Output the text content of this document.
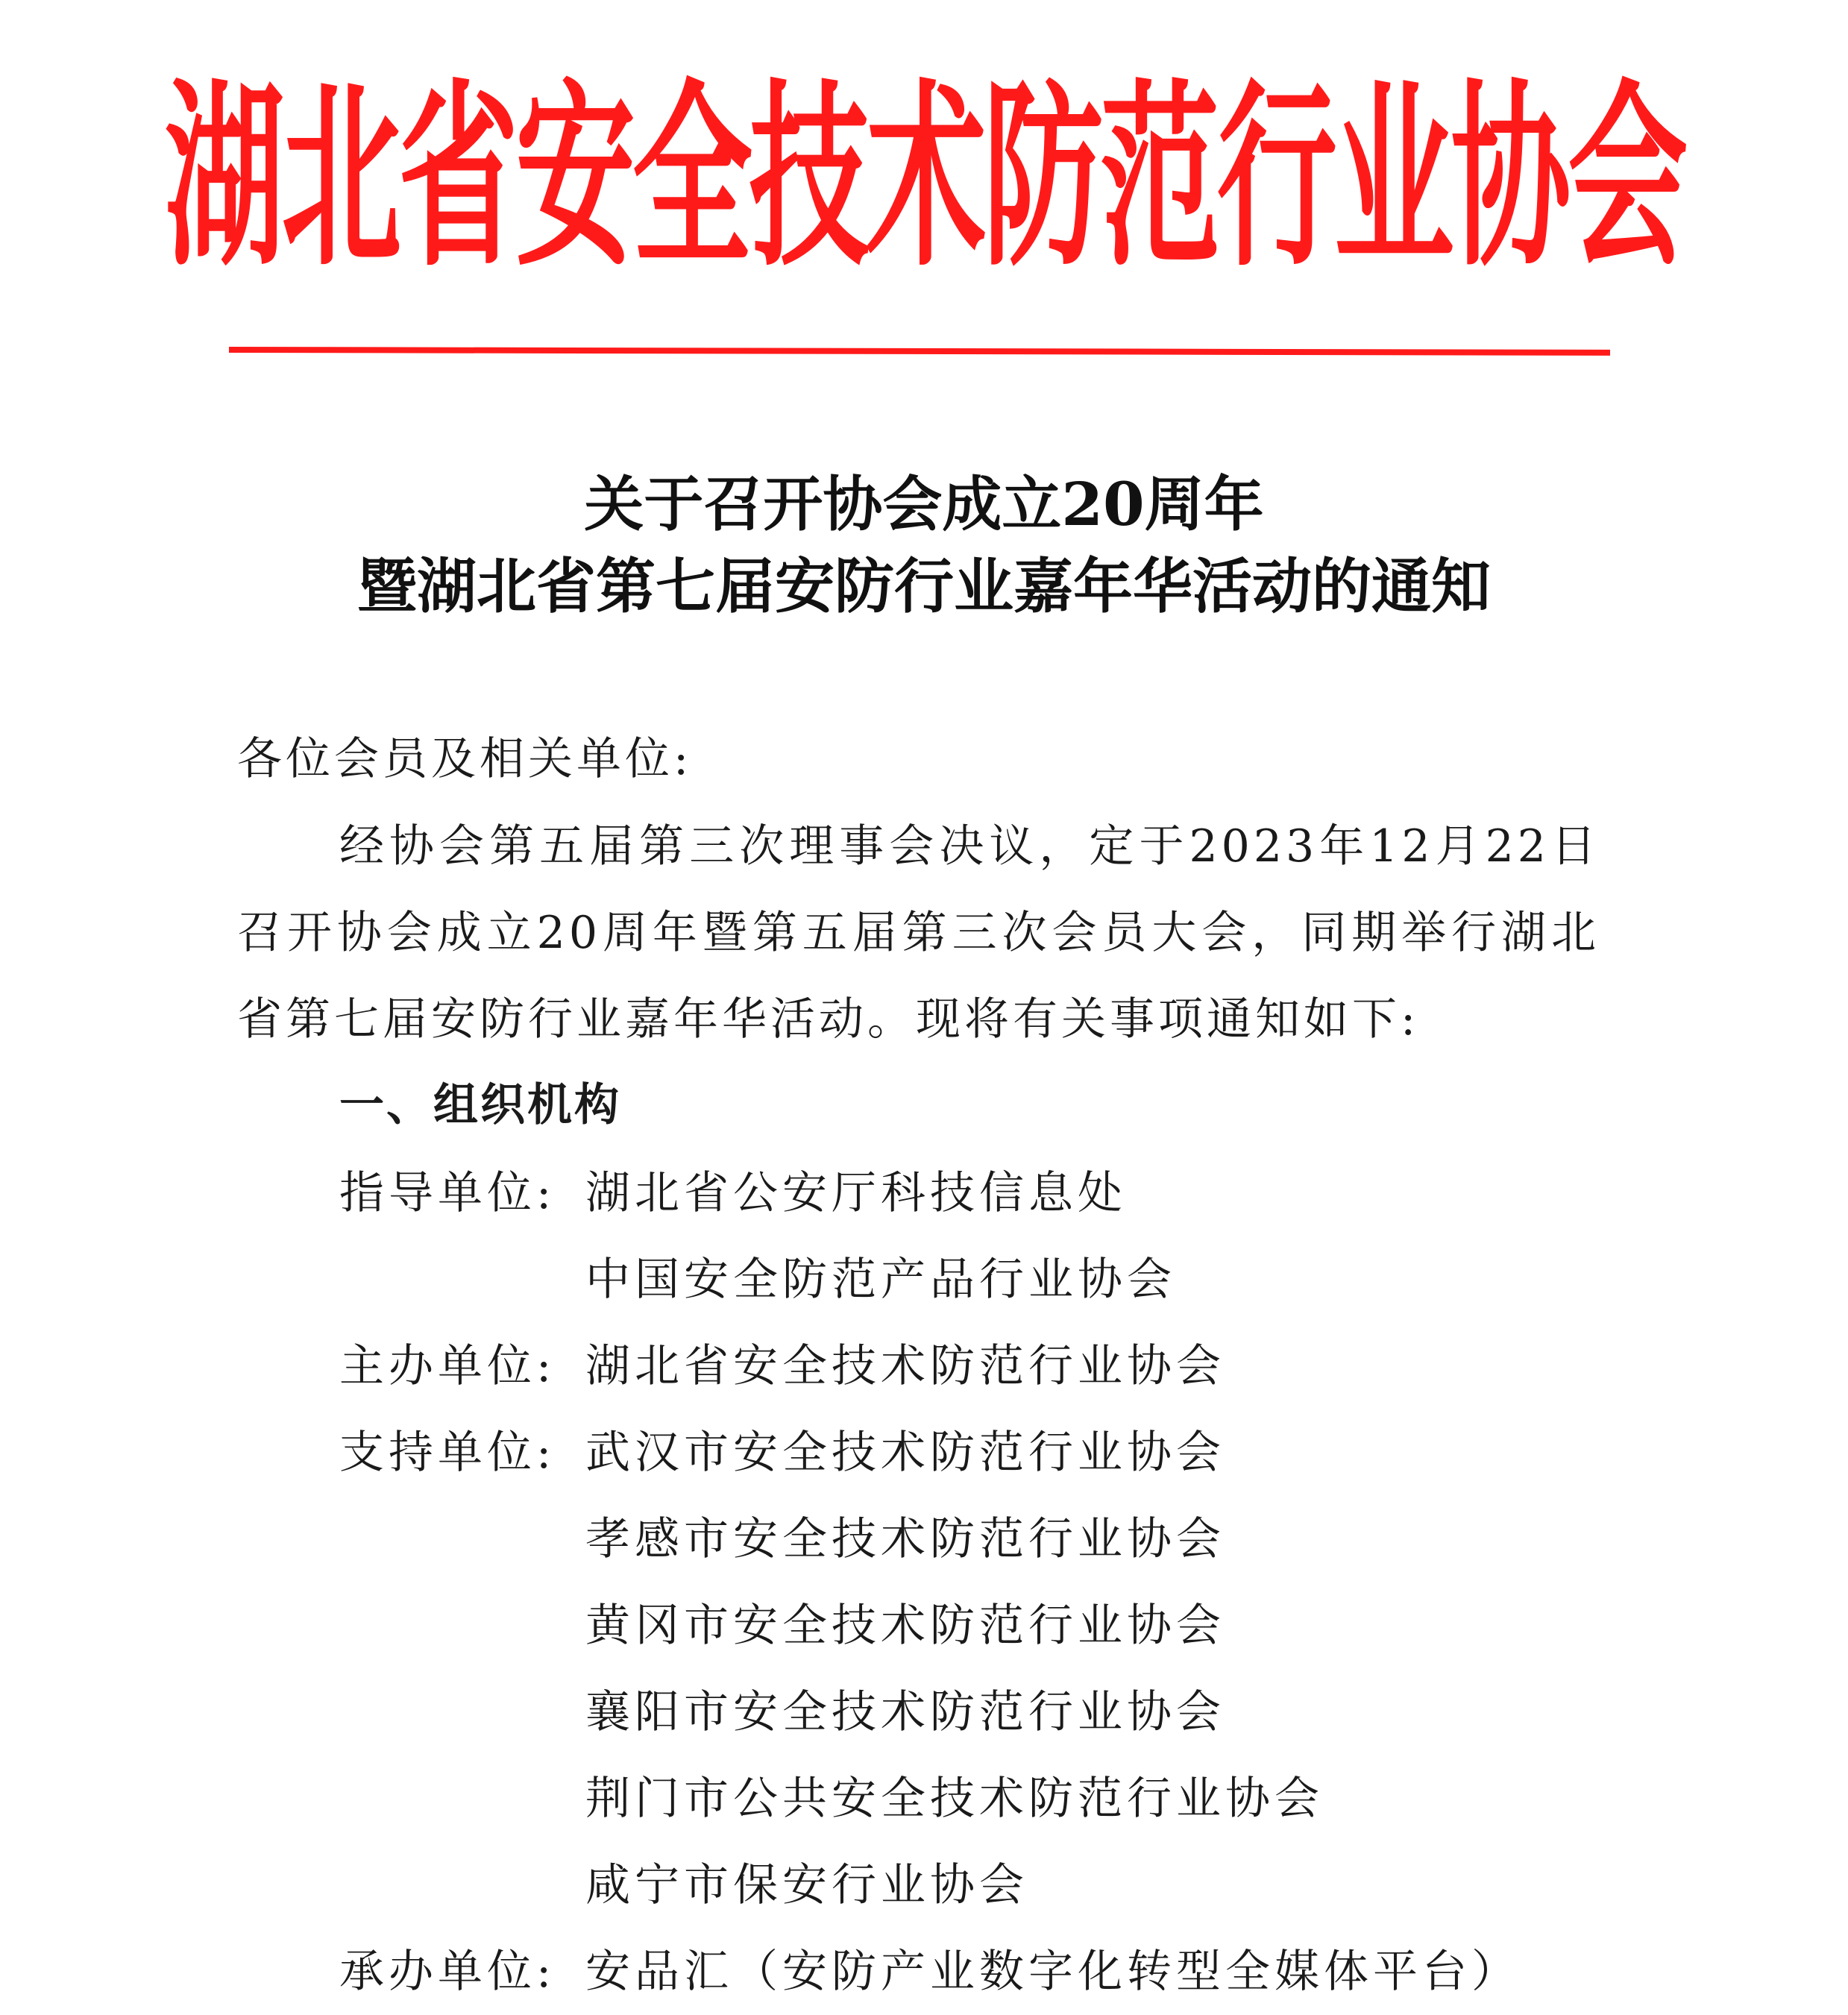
湖北省安全技术防范行业协会
关于召开协会成立20周年
暨湖北省第七届安防行业嘉年华活动的通知
各位会员及相关单位:
经协会第五届第三次理事会决议，定于2023年12月22日
召开协会成立20周年暨第五届第三次会员大会，同期举行湖北
省第七届安防行业嘉年华活动。现将有关事项通知如下:
一、组织机构
指导单位: 湖北省公安厅科技信息处
中国安全防范产品行业协会
主办单位: 湖北省安全技术防范行业协会
支持单位: 武汉市安全技术防范行业协会
孝感市安全技术防范行业协会
黄冈市安全技术防范行业协会
襄阳市安全技术防范行业协会
荆门市公共安全技术防范行业协会
咸宁市保安行业协会
承办单位: 安品汇（安防产业数字化转型全媒体平台）
